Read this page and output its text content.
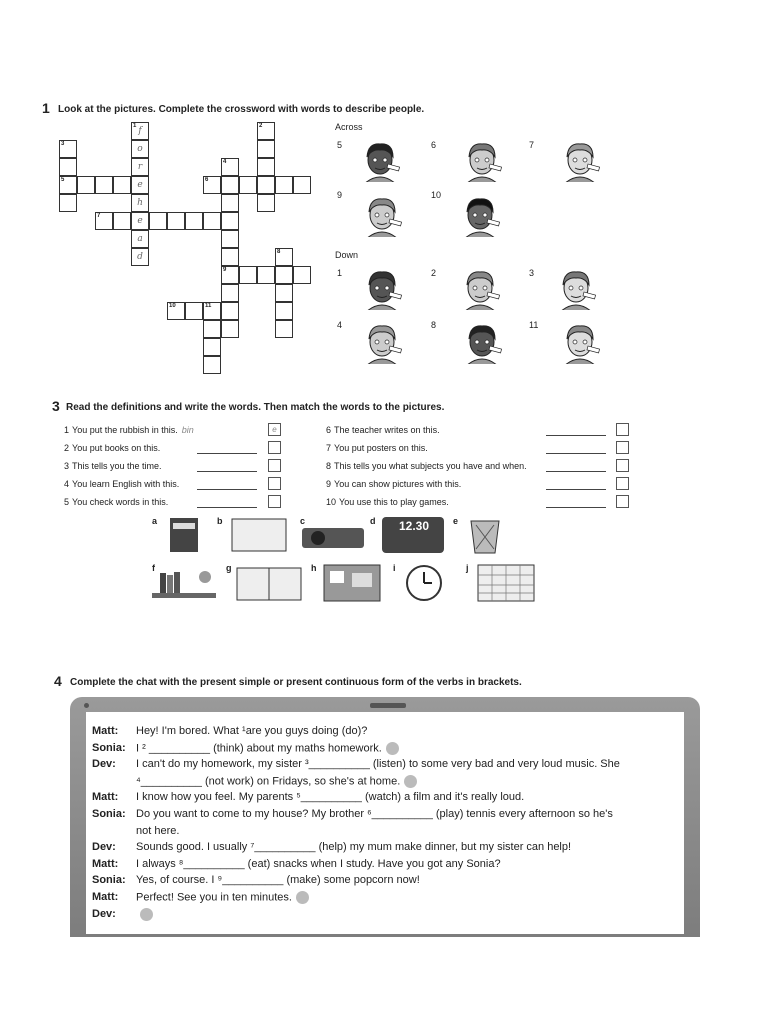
1 Look at the pictures. Complete the crossword with words to describe people.
1 f
o
r
e
h
e
a
d
3
5
2
4
9
6
7
8
10	11
Across
Down
5	6	7
9	10
1	2	3
4	8	11
3 Read the definitions and write the words. Then match the words to the pictures.
1 You put the rubbish in this. bin	e
2 You put books on this.
3 This tells you the time.
4 You learn English with this.
5 You check words in this.
6 The teacher writes on this.
7 You put posters on this.
8 This tells you what subjects you have and when.
9 You can show pictures with this.
10 You use this to play games.
a	b	c	d	e
f	g	h	i	j
12.30
4 Complete the chat with the present simple or present continuous form of the verbs in brackets.
Matt: Hey! I'm bored. What ¹are you guys doing (do)?
Sonia: I ² __________ (think) about my maths homework.
Dev: I can't do my homework, my sister ³__________ (listen) to some very bad and very loud music. She
⁴__________ (not work) on Fridays, so she's at home.
Matt: I know how you feel. My parents ⁵__________ (watch) a film and it's really loud.
Sonia: Do you want to come to my house? My brother ⁶__________ (play) tennis every afternoon so he's
not here.
Dev: Sounds good. I usually ⁷__________ (help) my mum make dinner, but my sister can help!
Matt: I always ⁸__________ (eat) snacks when I study. Have you got any Sonia?
Sonia: Yes, of course. I ⁹__________ (make) some popcorn now!
Matt: Perfect! See you in ten minutes.
Dev:
